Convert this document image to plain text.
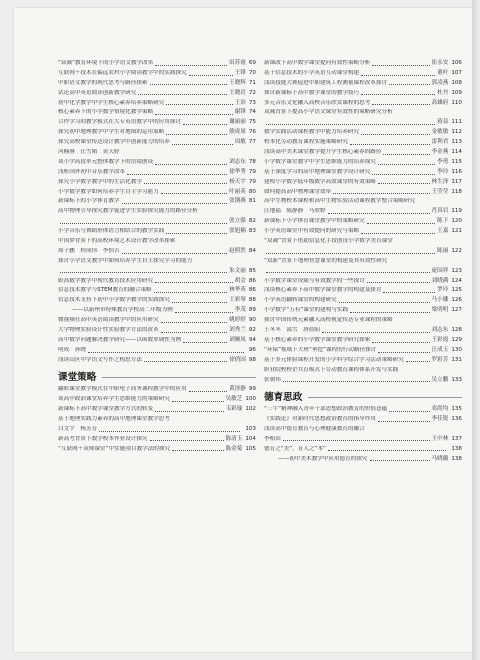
“双减”教育环境下的小学语文教学改革	田苏霞 69
互联网＋技术在偏远农村小学阅读教学中的实践探究	王锋 70
中职语文教学的现代思考与路径探索	王晓辉 71
试论高中英语阅读创新教学研究	王晓岩 72
初中化学教学中学生核心素养培养策略研究	王治 73
核心素养下的小学数学情境化教学策略	谢锋 74
合作学习的教学模式在大专英语教学中的应用探讨	谢丽丽 75
探究初中地理教学中学生对地图的运用策略	熊成周 76
探究高校课堂传达设计教学中创新能力的培养	周敏 77
河楠睿　汪雪晴　黄天婷
谈小学高段单元整体教学下的语境创设	刘志东 78
浅析国外初中音乐教学改革	徐华秀 79
探究小学数学教学中的生活化教学	杨天宇 79
小学数学教学如何培养学生自主学习能力	叶丽英 80
新课标下的小学体育教学	张钢燕 81
高中物理引导探究教学促进学生实验探究能力的路径分析
张立强 82
小学音乐与舞蹈形体语言相结合的教学实践	张旭楠 83
中国梦背景下的高校环境艺术设计教学改革探索
周子鹏　程成伟　李怡吉	赵照然 84
探讨小学语文教学中如何培养学生自主探究学习的能力
朱文丽 85
职高数学教学中现代教育技术应用研究	胡会 86
信息技术教学与STEM教育的融合策略	林华英 86
信息技术支持下初中小学数学教学的实践探究	王彩琴 88
——以新州市特殊教育学校高二年级为例	李茂 89
微视频在高中英语阅读教学中的应用研究	姚婷婷 90
大学物理实验设计性实验教学方法的改革	刘秀兰 92
高中数学问题解决教学研究——以函数单调性为例	刘婉凤 94
明成　孙晓	96
浅谈山区中学语文写作之构思方法	徐俏国 98
课堂策略
翻转课堂教学模式在中职电子商务课程教学中的应用	黄泽静 99
谈高中政治课堂培养学生思维能力的策略研究	吴敏芝 100
新课标下高中数学课堂教学方式的转变	韦彩瑜 102
基于地理实践力素养的高中地理课堂教学思考
白文宇　杨芳芳	103
新高考背景下数学校本作业设计探究	陈清玉 104
“互联网＋双师课堂”中实施项目教学法的探究	陈金菊 105
新课改下高中数学课堂提问有效性策略分析	崔永安 106
基于信息技术的小学英语互动课堂构建	董叶 107
浅谈技能大赛促进中职建筑工程测量课程改革探讨	郭凌燕 108
探讨新课标下高中数学课堂的教学技巧	杜丹 109
多元音乐文化融入高校音乐欣赏课程的思考	高雄府 110
双减背景下提高小学语文课堂有效性的策略研究分析
蒋益 111
数学实践活动课程教学中能力培养研究	金敏敏 112
校本化劳动教育课程实施策略研究	雷利君 113
浅谈高中美术课堂教学提升学生核心素养的路径	李金燕 114
小学数学课堂教学中学生思维能力的培养探究	李勇 115
基于深度学习的高中地理课堂教学设计研究	李玲 116
建构小学数学低年级数学高效课堂的有效策略	林生泽 117
如何提高高中物理课堂效率	王莹莹 118
高中生物校本课程和高中生物实验活动课程教学整合策略研究
汪地福　陈静静　马欣野	肖真岩 119
新课标下小学体育课堂教学中的策略研究	陈下 120
小学英语课堂中有效提问的研究与策略	王嘉 121
“双减”背景下借助信息化手段创设小学数学美育课堂
陈丽 122
“双新”背景下地理智慧课堂的构建及其有效性研究
庞国祥 123
小学数学课堂设疑与有效教学的一些探讨	刘晓满 124
浅谈核心素养下高中数学课堂教学的构建及探讨	罗玲 125
小学英语翻转课堂的构建研究	马小娜 126
小学数学“五有”课堂的建构与实践	梁明明 127
探讨中国传统元素融入高校视觉传达专业课程的策略
王冬冬　邵雪　唐晨阳	刘志东 128
基于核心素养的小学数学课堂教学研究探索	王彩霞 129
“环保”视域下大班“垂挖”课程的行动路径探讨	汪成玉 130
基于多元体验课程开发的小学科学综合学习活动策略研究	罗彩芳 131
职业院校校企共育模式下劳动教育课程体系开发与实践
张朝伟	吴立鹏 133
德育思政
“三牛”精神融入青年干部思想政治教育的价值意蕴	邓尚均 135
《实践论》对新时代思想政治教育的指导作用	李佳锐 136
浅谈高中德育教育与心理健康教育的融合
李相田	王中林 137
德育之“美”，育人之“本”	138
——初中美术教学中应用德育的探究	马晓璐 138
